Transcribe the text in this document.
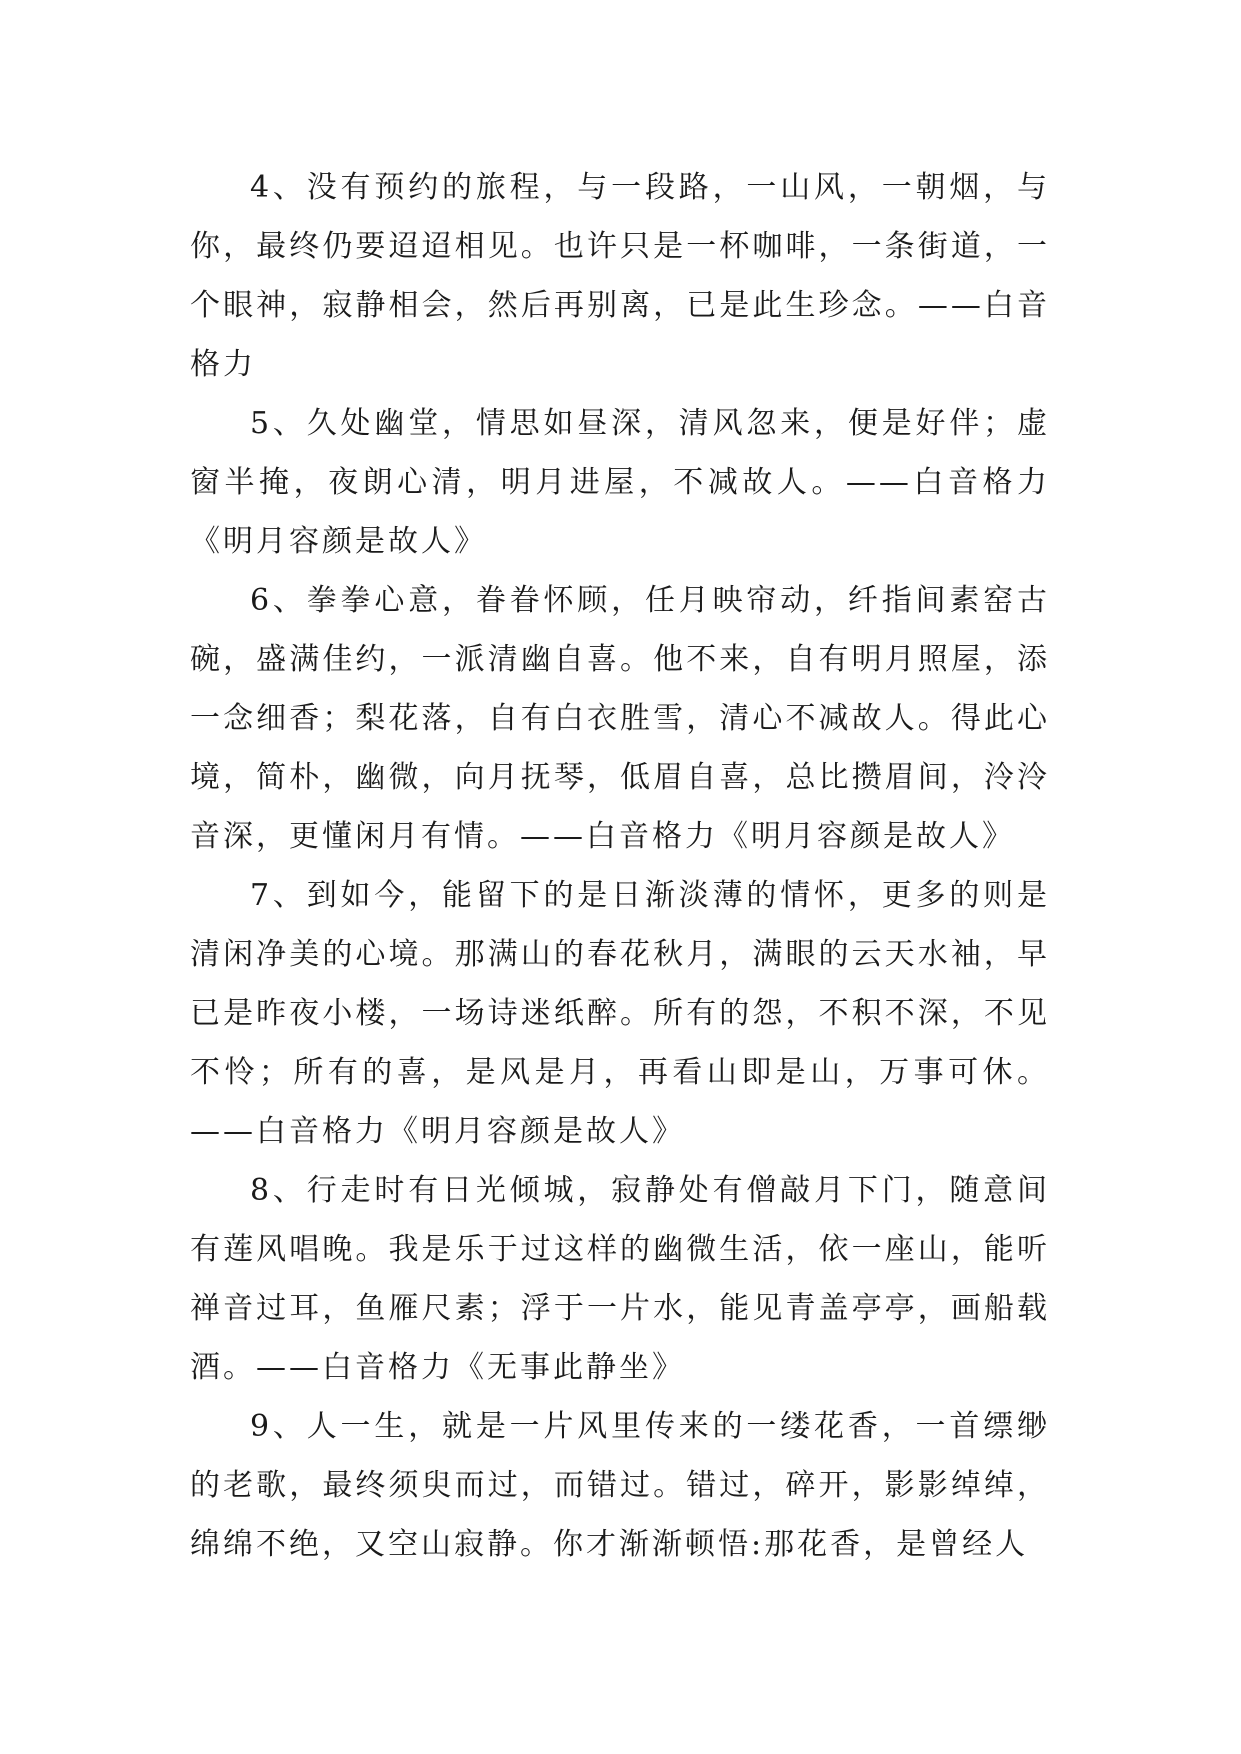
4、没有预约的旅程，与一段路，一山风，一朝烟，与你，最终仍要迢迢相见。也许只是一杯咖啡，一条街道，一个眼神，寂静相会，然后再别离，已是此生珍念。——白音格力

5、久处幽堂，情思如昼深，清风忽来，便是好伴；虚窗半掩，夜朗心清，明月进屋，不减故人。——白音格力《明月容颜是故人》

6、拳拳心意，眷眷怀顾，任月映帘动，纤指间素窑古碗，盛满佳约，一派清幽自喜。他不来，自有明月照屋，添一念细香；梨花落，自有白衣胜雪，清心不减故人。得此心境，简朴，幽微，向月抚琴，低眉自喜，总比攒眉间，泠泠音深，更懂闲月有情。——白音格力《明月容颜是故人》

7、到如今，能留下的是日渐淡薄的情怀，更多的则是清闲净美的心境。那满山的春花秋月，满眼的云天水袖，早已是昨夜小楼，一场诗迷纸醉。所有的怨，不积不深，不见不怜；所有的喜，是风是月，再看山即是山，万事可休。——白音格力《明月容颜是故人》

8、行走时有日光倾城，寂静处有僧敲月下门，随意间有莲风唱晚。我是乐于过这样的幽微生活，依一座山，能听禅音过耳，鱼雁尺素；浮于一片水，能见青盖亭亭，画船载酒。——白音格力《无事此静坐》

9、人一生，就是一片风里传来的一缕花香，一首缥缈的老歌，最终须臾而过，而错过。错过，碎开，影影绰绰，绵绵不绝，又空山寂静。你才渐渐顿悟:那花香，是曾经人
